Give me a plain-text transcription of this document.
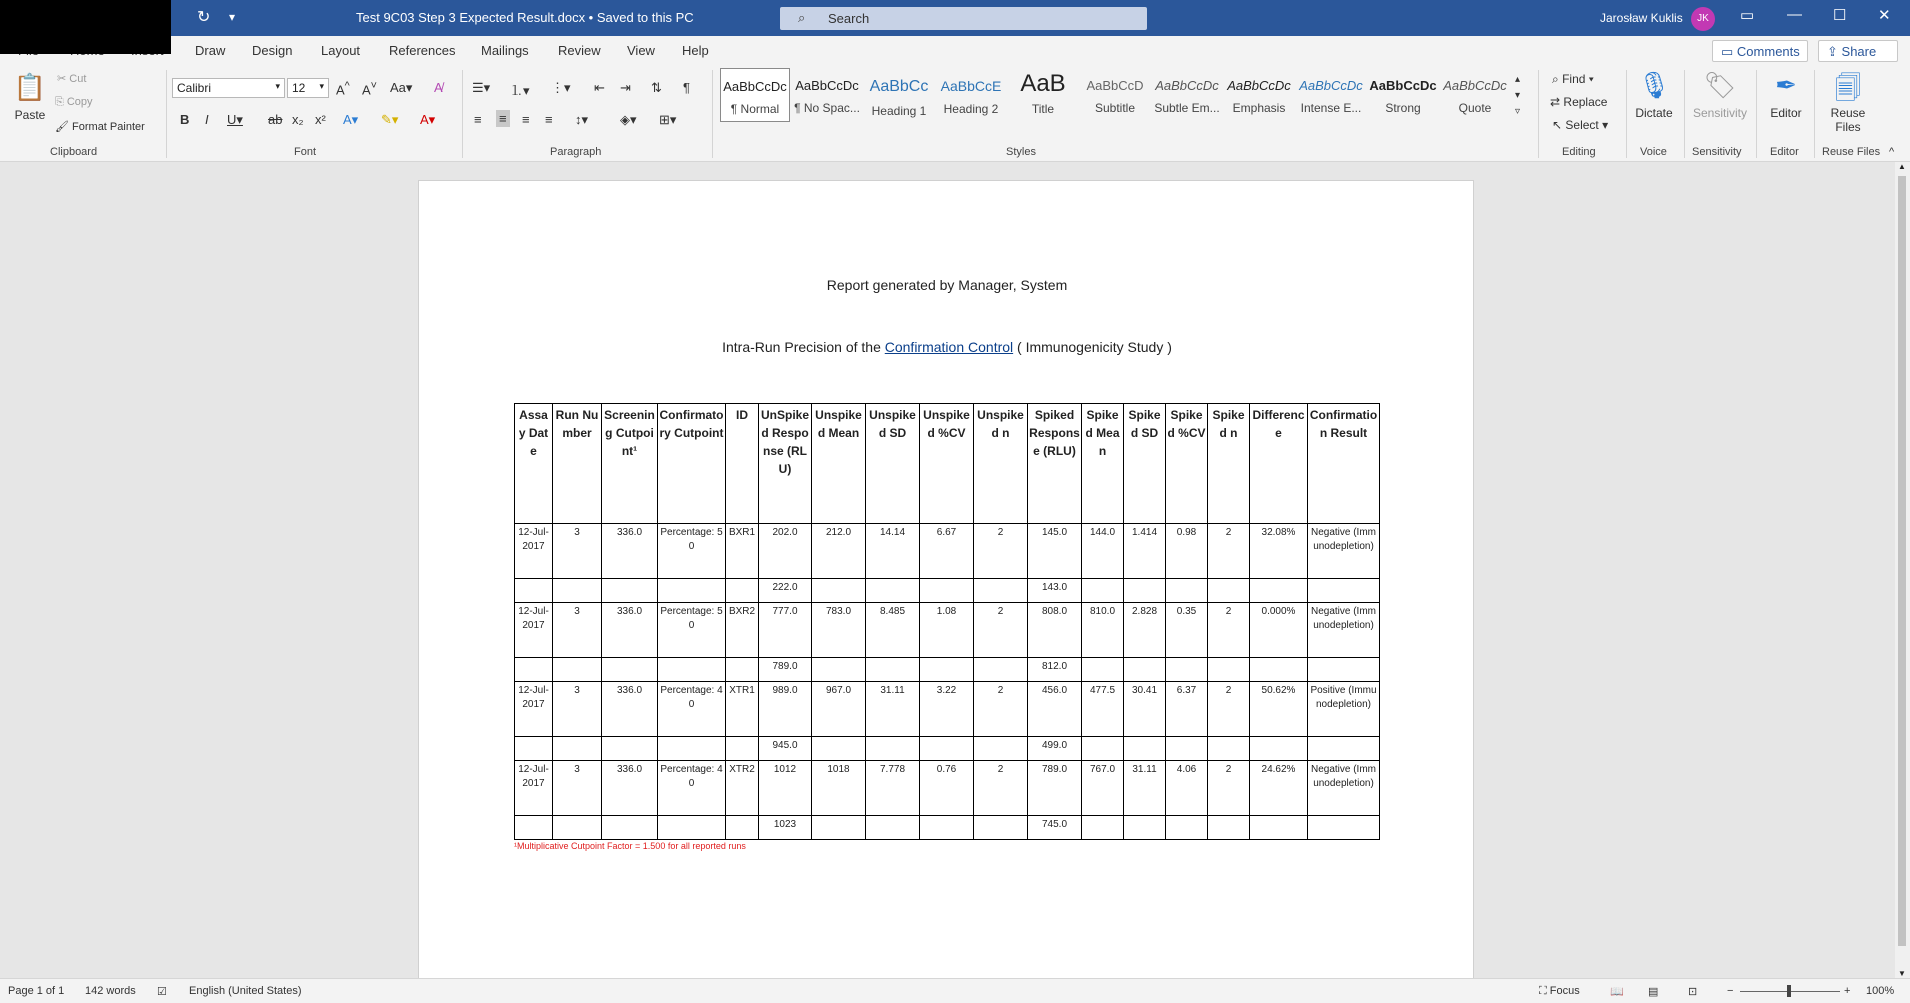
↻ ▾	Test 9C03 Step 3 Expected Result.docx • Saved to this PC	⌕ Search	Jarosław Kuklis	JK	▭ — ☐ ✕
Draw Design Layout References Mailings Review View Help	▭ Comments	⇪ Share
📋
Paste
✂ Cut
⎘ Copy
🖌 Format Painter
Clipboard
Calibri	▾	12 ▾ A^ A˅ Aa▾ A̸
B I U▾ ab x₂ x² A▾ ✎▾ A▾
Font
☰▾ ⒈▾ ⋮▾ ⇤ ⇥ ⇅ ¶
≡ ≡ ≡ ≡ ↕▾ ◈▾ ⊞▾
Paragraph
AaBbCcDc
¶ Normal
AaBbCcDc
¶ No Spac...
AaBbCc
Heading 1
AaBbCcE
Heading 2
AaB
Title
AaBbCcD
Subtitle
AaBbCcDc
Subtle Em...
AaBbCcDc
Emphasis
AaBbCcDc
Intense E...
AaBbCcDc
Strong
AaBbCcDc
Quote
▴
▾
▿
Styles
⌕ Find ▾
⇄ Replace
↖ Select ▾
Editing
🎙
Dictate
Voice
🏷
Sensitivity
Sensitivity
✒
Editor
Editor
🗐
Reuse Files
Reuse Files ^
Report generated by Manager, System
Intra-Run Precision of the Confirmation Control ( Immunogenicity Study )
Assay Date	Run Number	Screening Cutpoint¹	Confirmatory Cutpoint	ID	UnSpiked Response (RLU)	Unspiked Mean	Unspiked SD	Unspiked %CV	Unspiked n	Spiked Response (RLU)	Spiked Mean	Spiked SD	Spiked %CV	Spiked n	Difference	Confirmation Result
12-Jul-2017	3	336.0	Percentage: 50	BXR1	202.0	212.0	14.14	6.67	2	145.0	144.0	1.414	0.98	2	32.08%	Negative (Immunodepletion)
					222.0					143.0						
12-Jul-2017	3	336.0	Percentage: 50	BXR2	777.0	783.0	8.485	1.08	2	808.0	810.0	2.828	0.35	2	0.000%	Negative (Immunodepletion)
					789.0					812.0						
12-Jul-2017	3	336.0	Percentage: 40	XTR1	989.0	967.0	31.11	3.22	2	456.0	477.5	30.41	6.37	2	50.62%	Positive (Immunodepletion)
					945.0					499.0						
12-Jul-2017	3	336.0	Percentage: 40	XTR2	1012	1018	7.778	0.76	2	789.0	767.0	31.11	4.06	2	24.62%	Negative (Immunodepletion)
					1023					745.0						
¹Multiplicative Cutpoint Factor = 1.500 for all reported runs
▲
▼
Page 1 of 1 142 words ☑ English (United States)	⛶ Focus	📖 ▤	⊡	−	+ 100%
